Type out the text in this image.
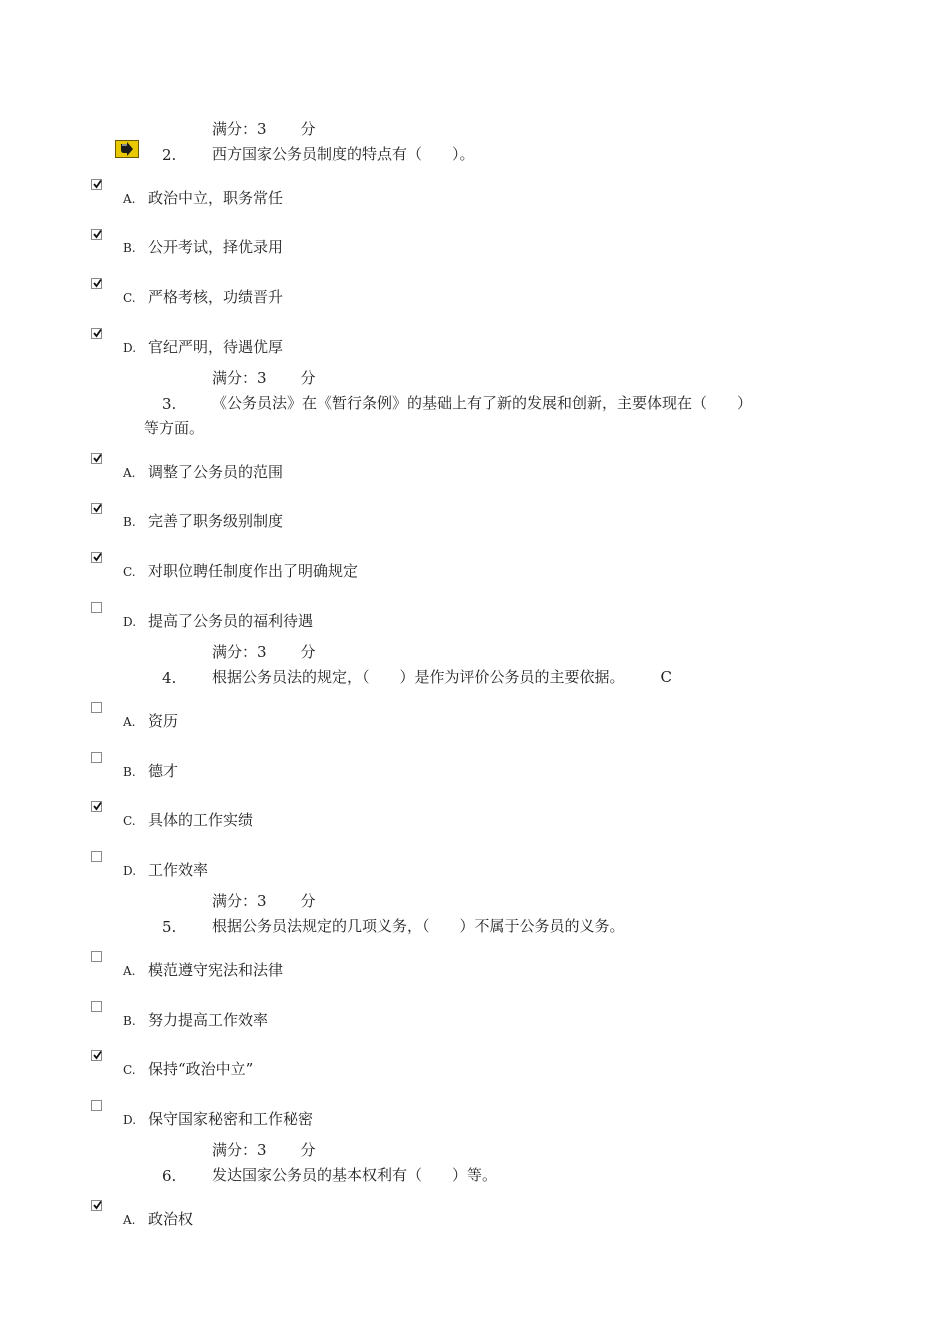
满分：3 分
2. 西方国家公务员制度的特点有（　　）。
A. 政治中立，职务常任
B. 公开考试，择优录用
C. 严格考核，功绩晋升
D. 官纪严明，待遇优厚
满分：3 分
3. 《公务员法》在《暂行条例》的基础上有了新的发展和创新，主要体现在（　　）
等方面。
A. 调整了公务员的范围
B. 完善了职务级别制度
C. 对职位聘任制度作出了明确规定
D. 提高了公务员的福利待遇
满分：3 分
4. 根据公务员法的规定，（　　）是作为评价公务员的主要依据。 C
A. 资历
B. 德才
C. 具体的工作实绩
D. 工作效率
满分：3 分
5. 根据公务员法规定的几项义务，（　　）不属于公务员的义务。
A. 模范遵守宪法和法律
B. 努力提高工作效率
C. 保持“政治中立”
D. 保守国家秘密和工作秘密
满分：3 分
6. 发达国家公务员的基本权利有（　　）等。
A. 政治权
